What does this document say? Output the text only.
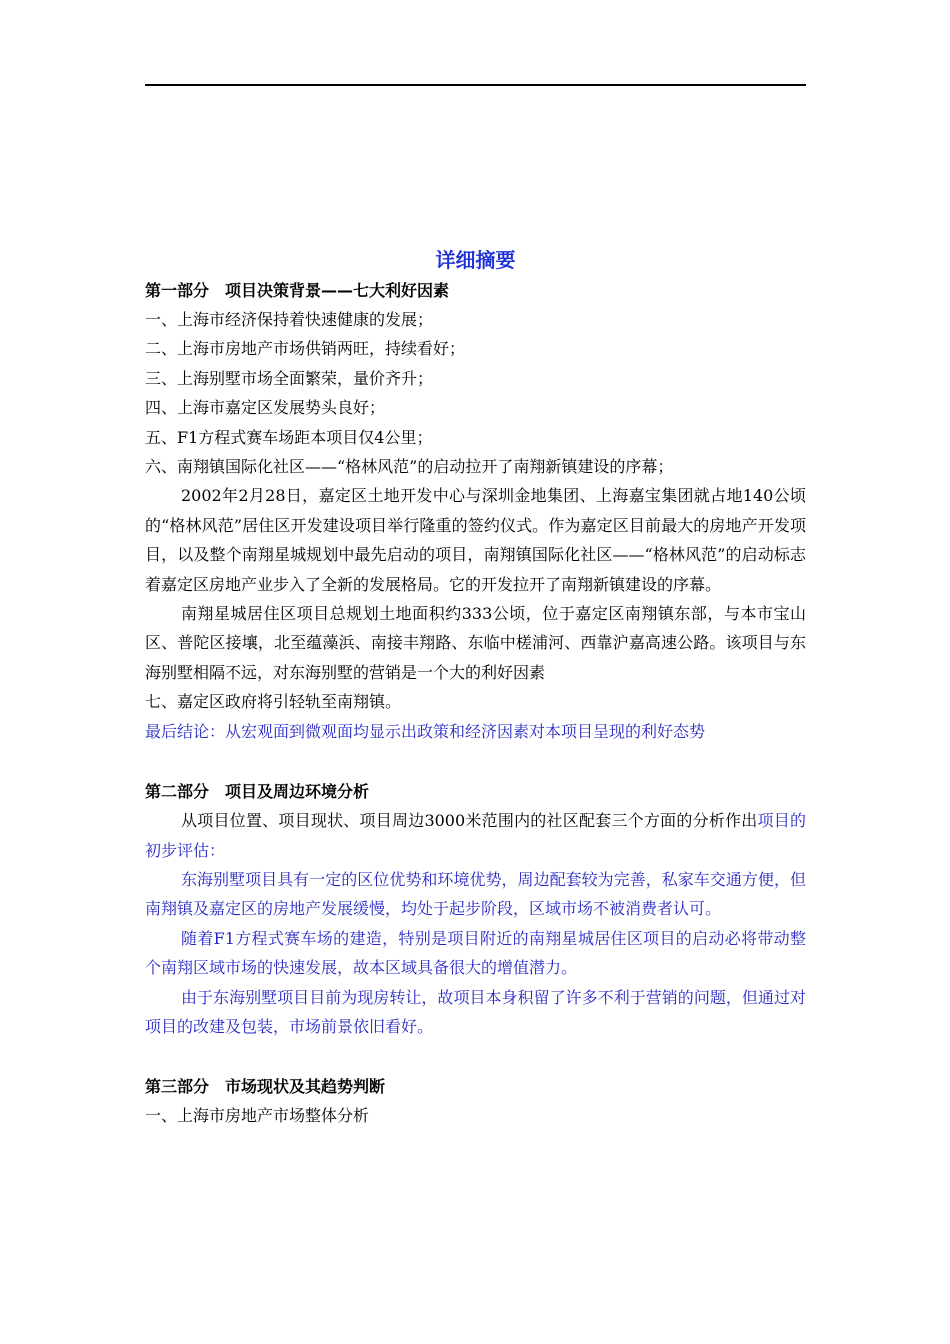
详细摘要
第一部分　项目决策背景——七大利好因素
一、上海市经济保持着快速健康的发展；
二、上海市房地产市场供销两旺，持续看好；
三、上海别墅市场全面繁荣，量价齐升；
四、上海市嘉定区发展势头良好；
五、F1方程式赛车场距本项目仅4公里；
六、南翔镇国际化社区——“格林风范”的启动拉开了南翔新镇建设的序幕；

2002年2月28日，嘉定区土地开发中心与深圳金地集团、上海嘉宝集团就占地140公顷的“格林风范”居住区开发建设项目举行隆重的签约仪式。作为嘉定区目前最大的房地产开发项目，以及整个南翔星城规划中最先启动的项目，南翔镇国际化社区——“格林风范”的启动标志着嘉定区房地产业步入了全新的发展格局。它的开发拉开了南翔新镇建设的序幕。

南翔星城居住区项目总规划土地面积约333公顷，位于嘉定区南翔镇东部，与本市宝山区、普陀区接壤，北至蕴藻浜、南接丰翔路、东临中槎浦河、西靠沪嘉高速公路。该项目与东海别墅相隔不远，对东海别墅的营销是一个大的利好因素

七、嘉定区政府将引轻轨至南翔镇。
最后结论：从宏观面到微观面均显示出政策和经济因素对本项目呈现的利好态势
第二部分　项目及周边环境分析

从项目位置、项目现状、项目周边3000米范围内的社区配套三个方面的分析作出项目的初步评估：

东海别墅项目具有一定的区位优势和环境优势，周边配套较为完善，私家车交通方便，但南翔镇及嘉定区的房地产发展缓慢，均处于起步阶段，区域市场不被消费者认可。

随着F1方程式赛车场的建造，特别是项目附近的南翔星城居住区项目的启动必将带动整个南翔区域市场的快速发展，故本区域具备很大的增值潜力。

由于东海别墅项目目前为现房转让，故项目本身积留了许多不利于营销的问题，但通过对项目的改建及包装，市场前景依旧看好。

第三部分　市场现状及其趋势判断
一、上海市房地产市场整体分析
